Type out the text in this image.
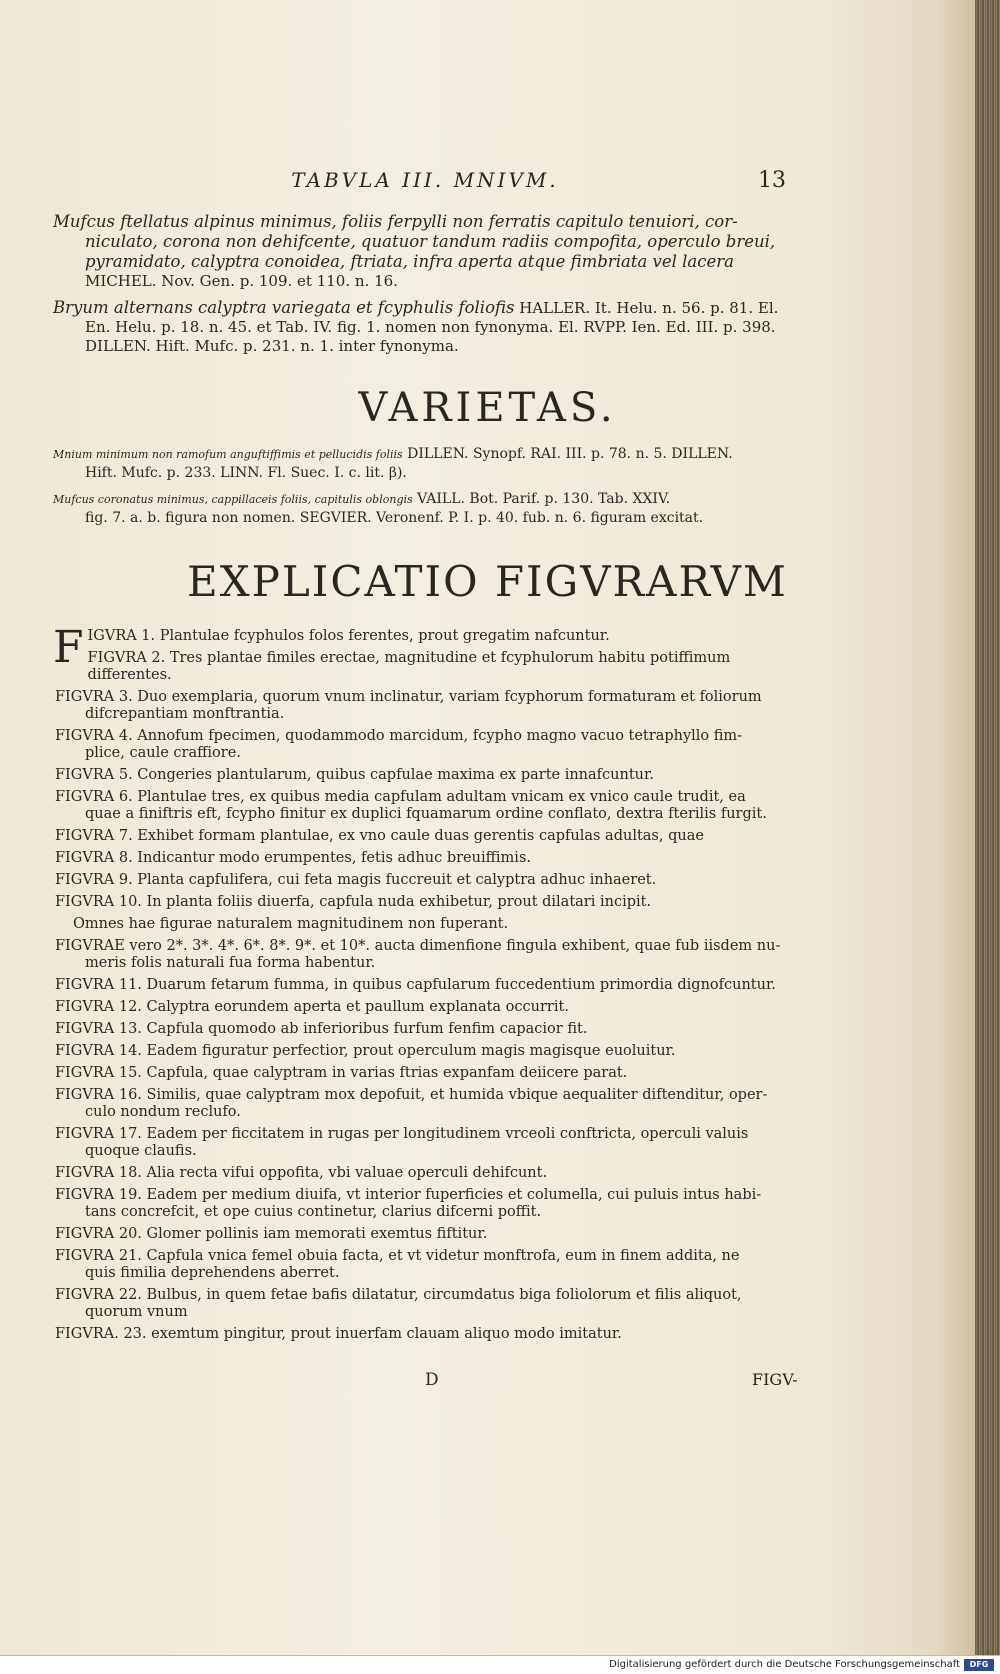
TABVLA III. MNIVM.	13
Mufcus ftellatus alpinus minimus, foliis ferpylli non ferratis capitulo tenuiori, cor-
niculato, corona non dehifcente, quatuor tandum radiis compofita, operculo breui,
pyramidato, calyptra conoidea, ftriata, infra aperta atque fimbriata vel lacera
MICHEL. Nov. Gen. p. 109. et 110. n. 16.
Bryum alternans calyptra variegata et fcyphulis foliofis HALLER. It. Helu. n. 56. p. 81. El.
En. Helu. p. 18. n. 45. et Tab. IV. fig. 1. nomen non fynonyma. El. RVPP. Ien. Ed. III. p. 398.
DILLEN. Hift. Mufc. p. 231. n. 1. inter fynonyma.
VARIETAS.
Mnium minimum non ramofum anguftiffimis et pellucidis foliis DILLEN. Synopf. RAI. III. p. 78. n. 5. DILLEN.
Hift. Mufc. p. 233. LINN. Fl. Suec. I. c. lit. β).
Mufcus coronatus minimus, cappillaceis foliis, capitulis oblongis VAILL. Bot. Parif. p. 130. Tab. XXIV.
fig. 7. a. b. figura non nomen. SEGVIER. Veronenf. P. I. p. 40. fub. n. 6. figuram excitat.
EXPLICATIO FIGVRARVM
FIGVRA 1. Plantulae fcyphulos folos ferentes, prout gregatim nafcuntur.
FIGVRA 2. Tres plantae fimiles erectae, magnitudine et fcyphulorum habitu potiffimum
differentes.
FIGVRA 3. Duo exemplaria, quorum vnum inclinatur, variam fcyphorum formaturam et foliorum
difcrepantiam monftrantia.
FIGVRA 4. Annofum fpecimen, quodammodo marcidum, fcypho magno vacuo tetraphyllo fim-
plice, caule craffiore.
FIGVRA 5. Congeries plantularum, quibus capfulae maxima ex parte innafcuntur.
FIGVRA 6. Plantulae tres, ex quibus media capfulam adultam vnicam ex vnico caule trudit, ea
quae a finiftris eft, fcypho finitur ex duplici fquamarum ordine conflato, dextra fterilis furgit.
FIGVRA 7. Exhibet formam plantulae, ex vno caule duas gerentis capfulas adultas, quae
FIGVRA 8. Indicantur modo erumpentes, fetis adhuc breuiffimis.
FIGVRA 9. Planta capfulifera, cui feta magis fuccreuit et calyptra adhuc inhaeret.
FIGVRA 10. In planta foliis diuerfa, capfula nuda exhibetur, prout dilatari incipit.
Omnes hae figurae naturalem magnitudinem non fuperant.
FIGVRAE vero 2*. 3*. 4*. 6*. 8*. 9*. et 10*. aucta dimenfione fingula exhibent, quae fub iisdem nu-
meris folis naturali fua forma habentur.
FIGVRA 11. Duarum fetarum fumma, in quibus capfularum fuccedentium primordia dignofcuntur.
FIGVRA 12. Calyptra eorundem aperta et paullum explanata occurrit.
FIGVRA 13. Capfula quomodo ab inferioribus furfum fenfim capacior fit.
FIGVRA 14. Eadem figuratur perfectior, prout operculum magis magisque euoluitur.
FIGVRA 15. Capfula, quae calyptram in varias ftrias expanfam deiicere parat.
FIGVRA 16. Similis, quae calyptram mox depofuit, et humida vbique aequaliter diftenditur, oper-
culo nondum reclufo.
FIGVRA 17. Eadem per ficcitatem in rugas per longitudinem vrceoli conftricta, operculi valuis
quoque claufis.
FIGVRA 18. Alia recta vifui oppofita, vbi valuae operculi dehifcunt.
FIGVRA 19. Eadem per medium diuifa, vt interior fuperficies et columella, cui puluis intus habi-
tans concrefcit, et ope cuius continetur, clarius difcerni poffit.
FIGVRA 20. Glomer pollinis iam memorati exemtus fiftitur.
FIGVRA 21. Capfula vnica femel obuia facta, et vt videtur monftrofa, eum in finem addita, ne
quis fimilia deprehendens aberret.
FIGVRA 22. Bulbus, in quem fetae bafis dilatatur, circumdatus biga foliolorum et filis aliquot,
quorum vnum
FIGVRA. 23. exemtum pingitur, prout inuerfam clauam aliquo modo imitatur.
D	FIGV-
Digitalisierung gefördert durch die Deutsche Forschungsgemeinschaft	DFG
